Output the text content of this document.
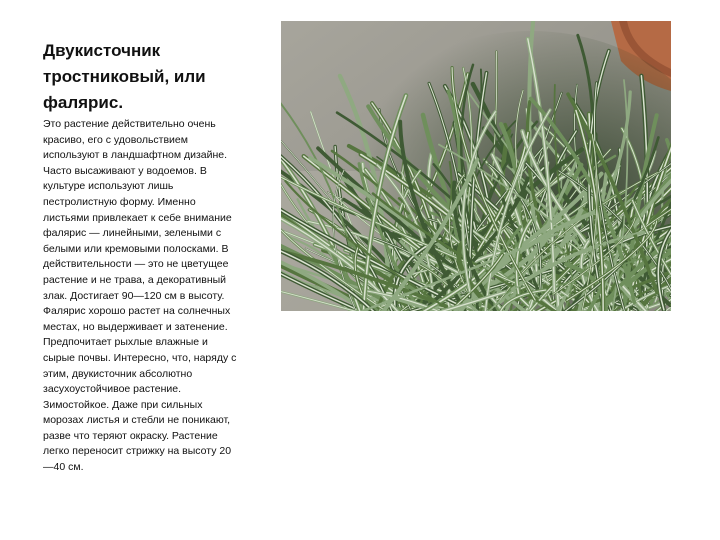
Двукисточник
тростниковый, или
фалярис.
Это растение действительно очень
красиво, его с удовольствием
используют в ландшафтном дизайне.
Часто высаживают у водоемов. В
культуре используют лишь
пестролистную форму. Именно
листьями привлекает к себе внимание
фалярис — линейными, зелеными с
белыми или кремовыми полосками. В
действительности — это не цветущее
растение и не трава, а декоративный
злак. Достигает 90—120 см в высоту.
Фалярис хорошо растет на солнечных
местах, но выдерживает и затенение.
Предпочитает рыхлые влажные и
сырые почвы. Интересно, что, наряду с
этим, двукисточник абсолютно
засухоустойчивое растение.
Зимостойкое. Даже при сильных
морозах листья и стебли не поникают,
разве что теряют окраску. Растение
легко переносит стрижку на высоту 20
—40 см.
